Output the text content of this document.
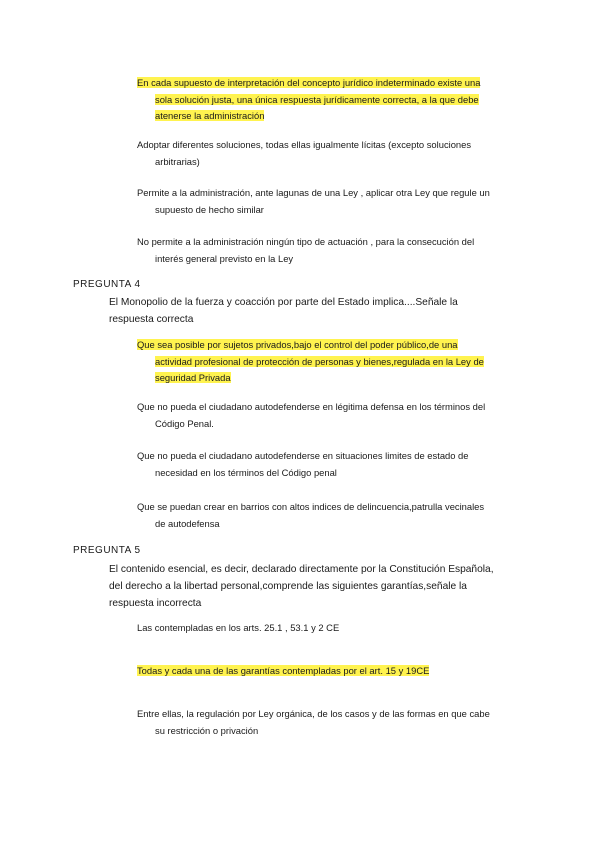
En cada supuesto de interpretación del concepto jurídico indeterminado existe una
sola solución justa, una única respuesta jurídicamente correcta, a la que debe
atenerse la administración
Adoptar diferentes soluciones, todas ellas igualmente lícitas (excepto soluciones
arbitrarias)
Permite a la administración, ante lagunas de una Ley , aplicar otra Ley que regule un
supuesto de hecho similar
No permite a la administración ningún tipo de actuación , para la consecución del
interés general previsto en la Ley
PREGUNTA 4
El Monopolio de la fuerza y coacción por parte del Estado implica....Señale la
respuesta correcta
Que sea posible por sujetos privados,bajo el control del poder público,de una
actividad profesional de protección de personas y bienes,regulada en la Ley de
seguridad Privada
Que no pueda el ciudadano autodefenderse en légitima defensa en los términos del
Código Penal.
Que no pueda el ciudadano autodefenderse en situaciones limites de estado de
necesidad en los términos del Código penal
Que se puedan crear en barrios con altos indices de delincuencia,patrulla vecinales
de autodefensa
PREGUNTA 5
El contenido esencial, es decir, declarado directamente por la Constitución Española,
del derecho a la libertad personal,comprende las siguientes garantías,señale la
respuesta incorrecta
Las contempladas en los arts. 25.1 , 53.1 y 2 CE
Todas y cada una de las garantías contempladas por el art. 15 y 19CE
Entre ellas, la regulación por Ley orgánica, de los casos y de las formas en que cabe
su restricción o privación
